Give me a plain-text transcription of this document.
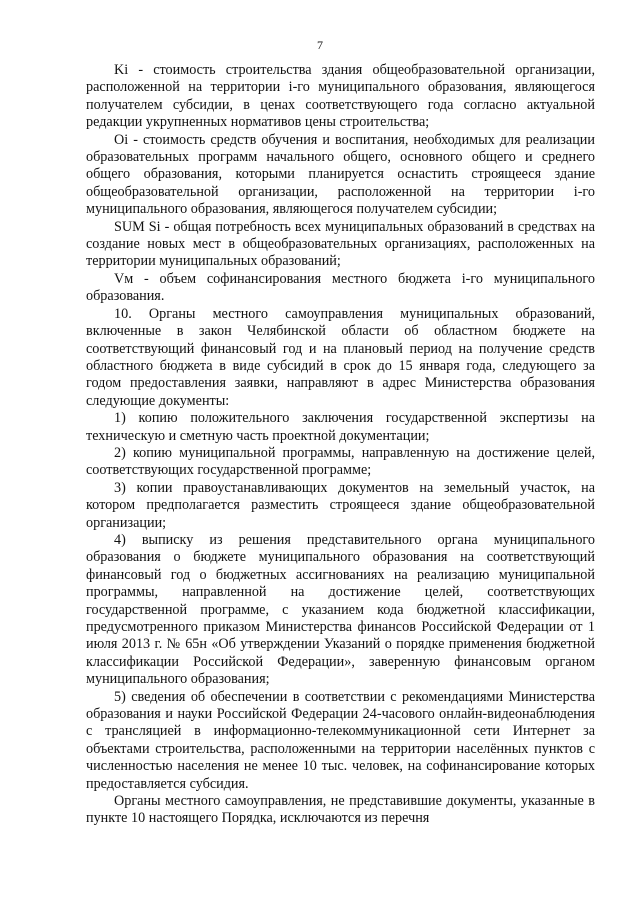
7

Ki - стоимость строительства здания общеобразовательной организации, расположенной на территории i-го муниципального образования, являющегося получателем субсидии, в ценах соответствующего года согласно актуальной редакции укрупненных нормативов цены строительства;

Oi - стоимость средств обучения и воспитания, необходимых для реализации образовательных программ начального общего, основного общего и среднего общего образования, которыми планируется оснастить строящееся здание общеобразовательной организации, расположенной на территории i-го муниципального образования, являющегося получателем субсидии;

SUM Si - общая потребность всех муниципальных образований в средствах на создание новых мест в общеобразовательных организациях, расположенных на территории муниципальных образований;

Vм - объем софинансирования местного бюджета i-го муниципального образования.

10. Органы местного самоуправления муниципальных образований, включенные в закон Челябинской области об областном бюджете на соответствующий финансовый год и на плановый период на получение средств областного бюджета в виде субсидий в срок до 15 января года, следующего за годом предоставления заявки, направляют в адрес Министерства образования следующие документы:

1) копию положительного заключения государственной экспертизы на техническую и сметную часть проектной документации;

2) копию муниципальной программы, направленную на достижение целей, соответствующих государственной программе;

3) копии правоустанавливающих документов на земельный участок, на котором предполагается разместить строящееся здание общеобразовательной организации;

4) выписку из решения представительного органа муниципального образования о бюджете муниципального образования на соответствующий финансовый год о бюджетных ассигнованиях на реализацию муниципальной программы, направленной на достижение целей, соответствующих государственной программе, с указанием кода бюджетной классификации, предусмотренного приказом Министерства финансов Российской Федерации от 1 июля 2013 г. № 65н «Об утверждении Указаний о порядке применения бюджетной классификации Российской Федерации», заверенную финансовым органом муниципального образования;

5) сведения об обеспечении в соответствии с рекомендациями Министерства образования и науки Российской Федерации 24-часового онлайн-видеонаблюдения с трансляцией в информационно-телекоммуникационной сети Интернет за объектами строительства, расположенными на территории населённых пунктов с численностью населения не менее 10 тыс. человек, на софинансирование которых предоставляется субсидия.

Органы местного самоуправления, не представившие документы, указанные в пункте 10 настоящего Порядка, исключаются из перечня
